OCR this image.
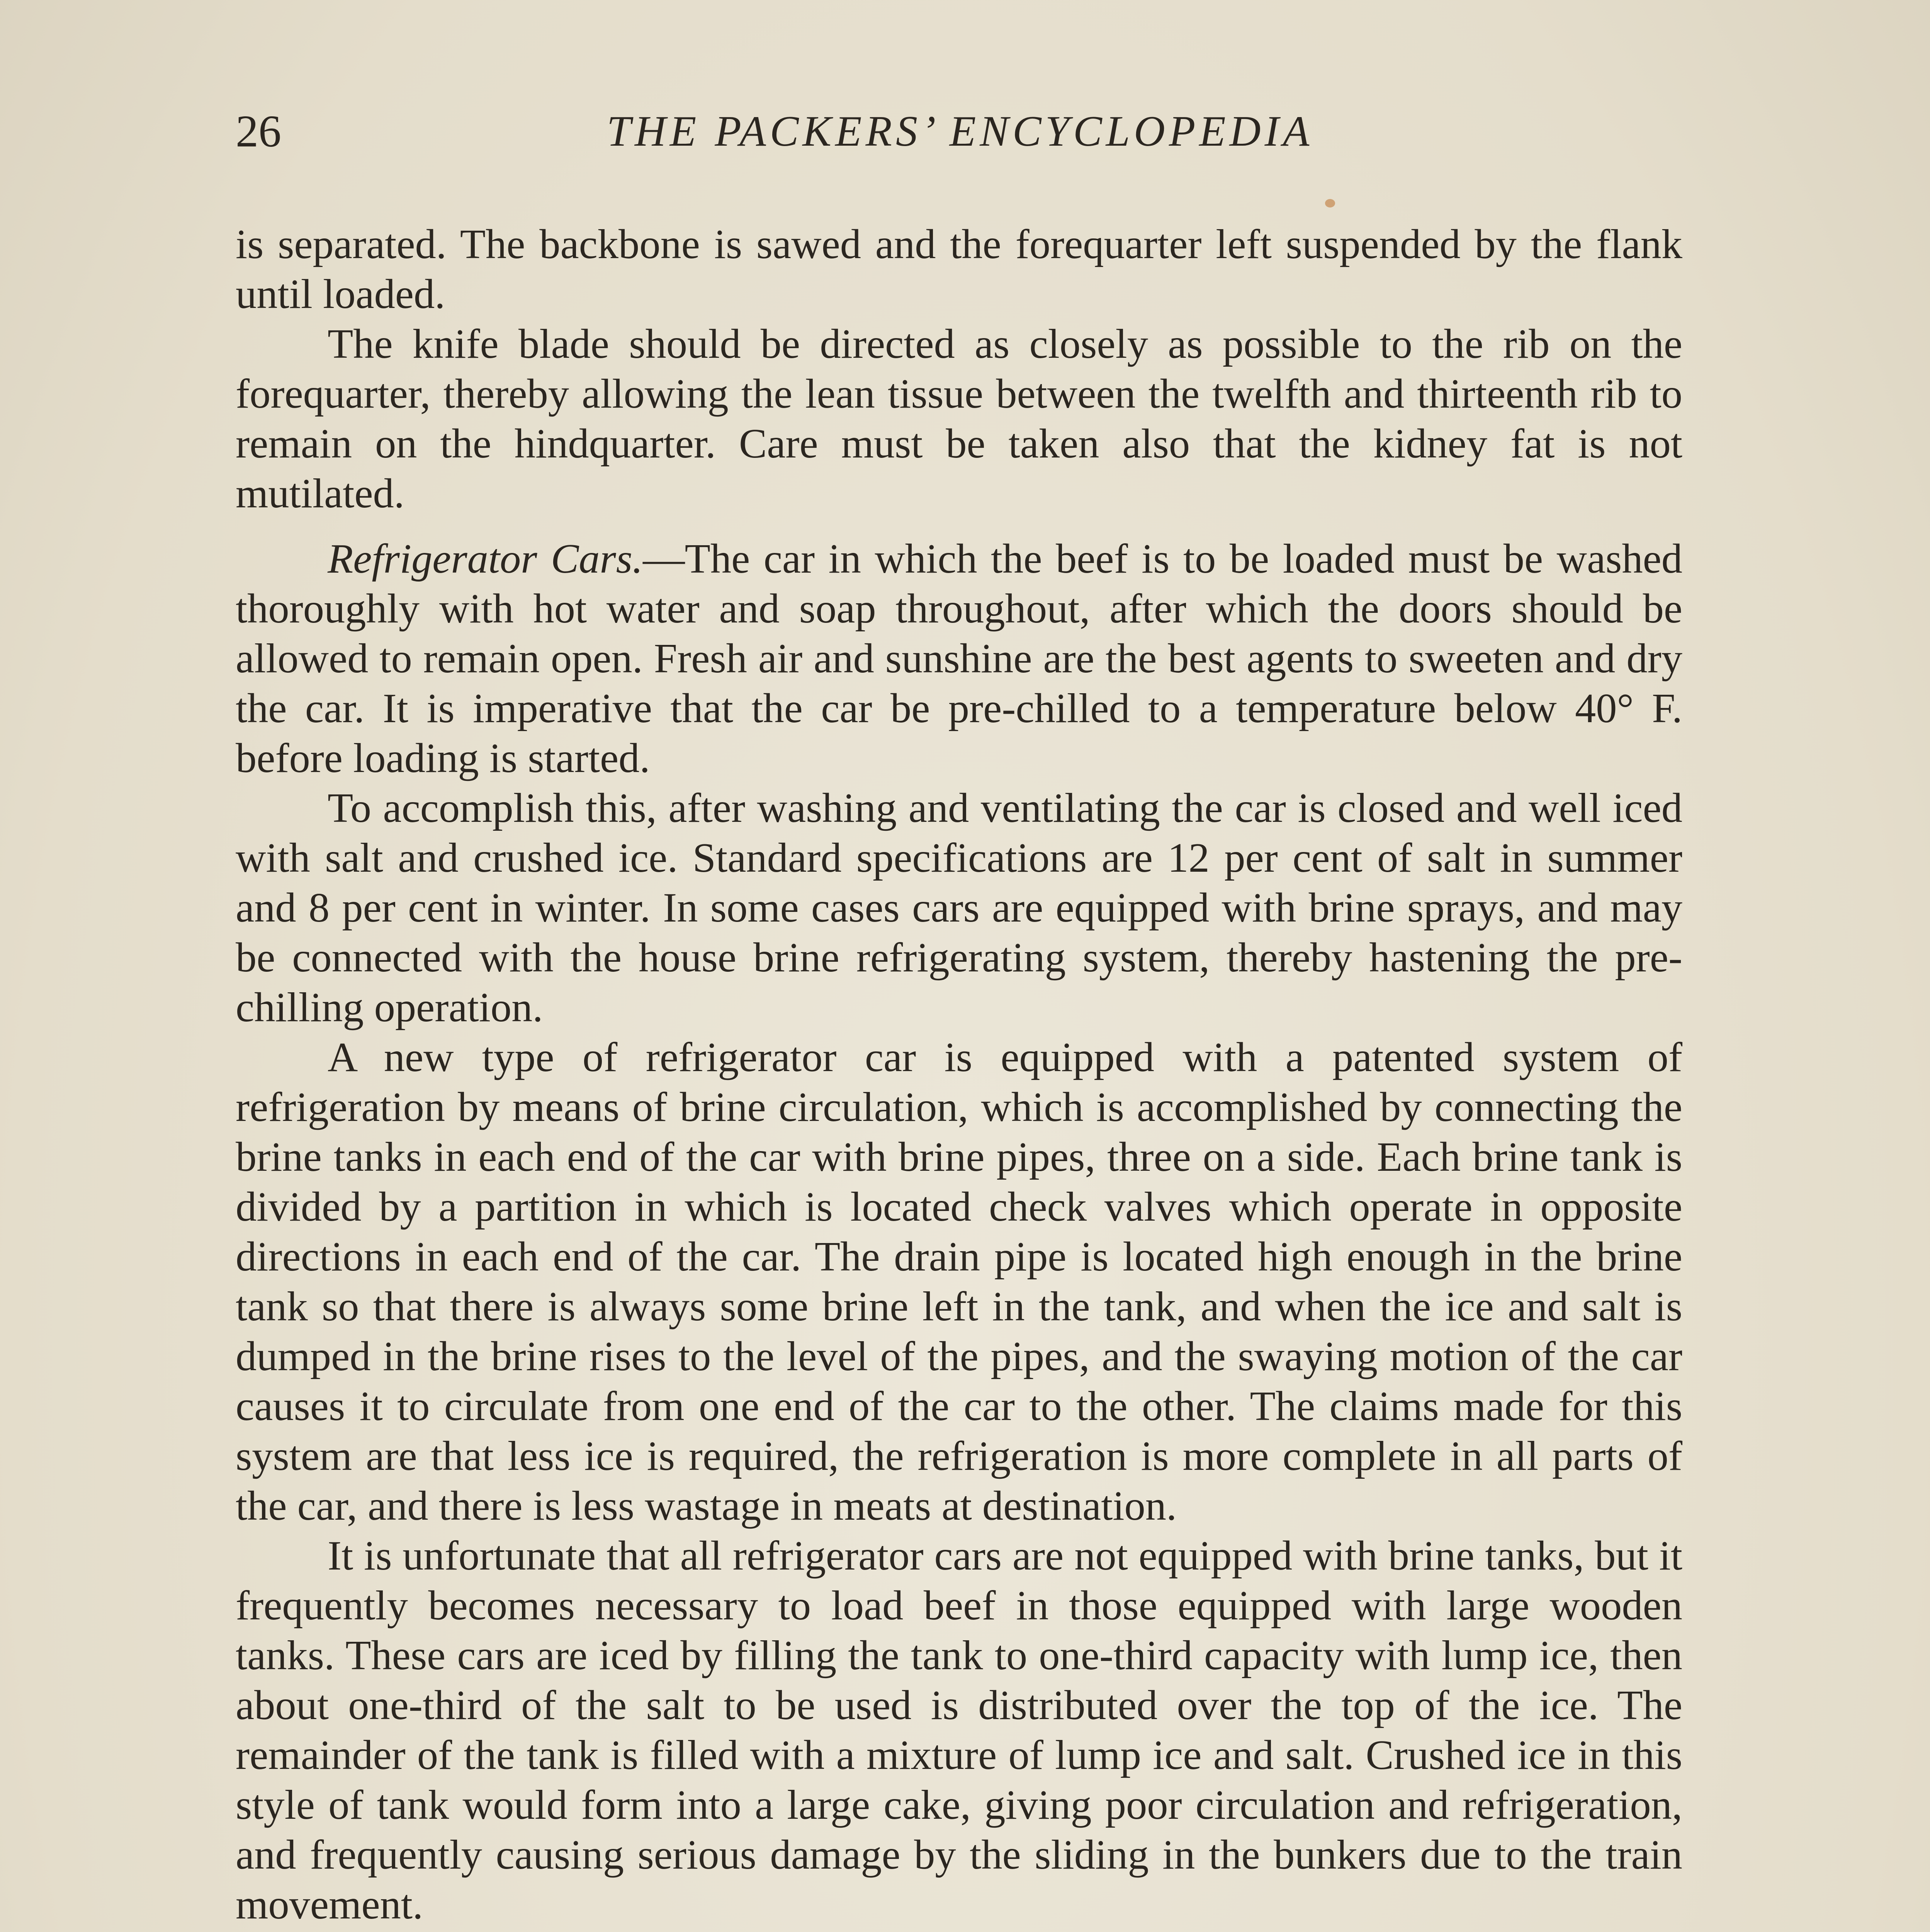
26	THE PACKERS’ ENCYCLOPEDIA

is separated. The backbone is sawed and the forequarter left suspended by the flank until loaded.

The knife blade should be directed as closely as possible to the rib on the forequarter, thereby allowing the lean tissue between the twelfth and thirteenth rib to remain on the hindquarter. Care must be taken also that the kidney fat is not mutilated.

Refrigerator Cars.—The car in which the beef is to be loaded must be washed thoroughly with hot water and soap throughout, after which the doors should be allowed to remain open. Fresh air and sunshine are the best agents to sweeten and dry the car. It is imperative that the car be pre-chilled to a temperature below 40° F. before loading is started.

To accomplish this, after washing and ventilating the car is closed and well iced with salt and crushed ice. Standard specifications are 12 per cent of salt in summer and 8 per cent in winter. In some cases cars are equipped with brine sprays, and may be connected with the house brine refrigerating system, thereby hastening the pre-chilling operation.

A new type of refrigerator car is equipped with a patented system of refrigeration by means of brine circulation, which is accomplished by connecting the brine tanks in each end of the car with brine pipes, three on a side. Each brine tank is divided by a partition in which is located check valves which operate in opposite directions in each end of the car. The drain pipe is located high enough in the brine tank so that there is always some brine left in the tank, and when the ice and salt is dumped in the brine rises to the level of the pipes, and the swaying motion of the car causes it to circulate from one end of the car to the other. The claims made for this system are that less ice is required, the refrigeration is more complete in all parts of the car, and there is less wastage in meats at destination.

It is unfortunate that all refrigerator cars are not equipped with brine tanks, but it frequently becomes necessary to load beef in those equipped with large wooden tanks. These cars are iced by filling the tank to one-third capacity with lump ice, then about one-third of the salt to be used is distributed over the top of the ice. The remainder of the tank is filled with a mixture of lump ice and salt. Crushed ice in this style of tank would form into a large cake, giving poor circulation and refrigeration, and frequently causing serious damage by the sliding in the bunkers due to the train movement.
